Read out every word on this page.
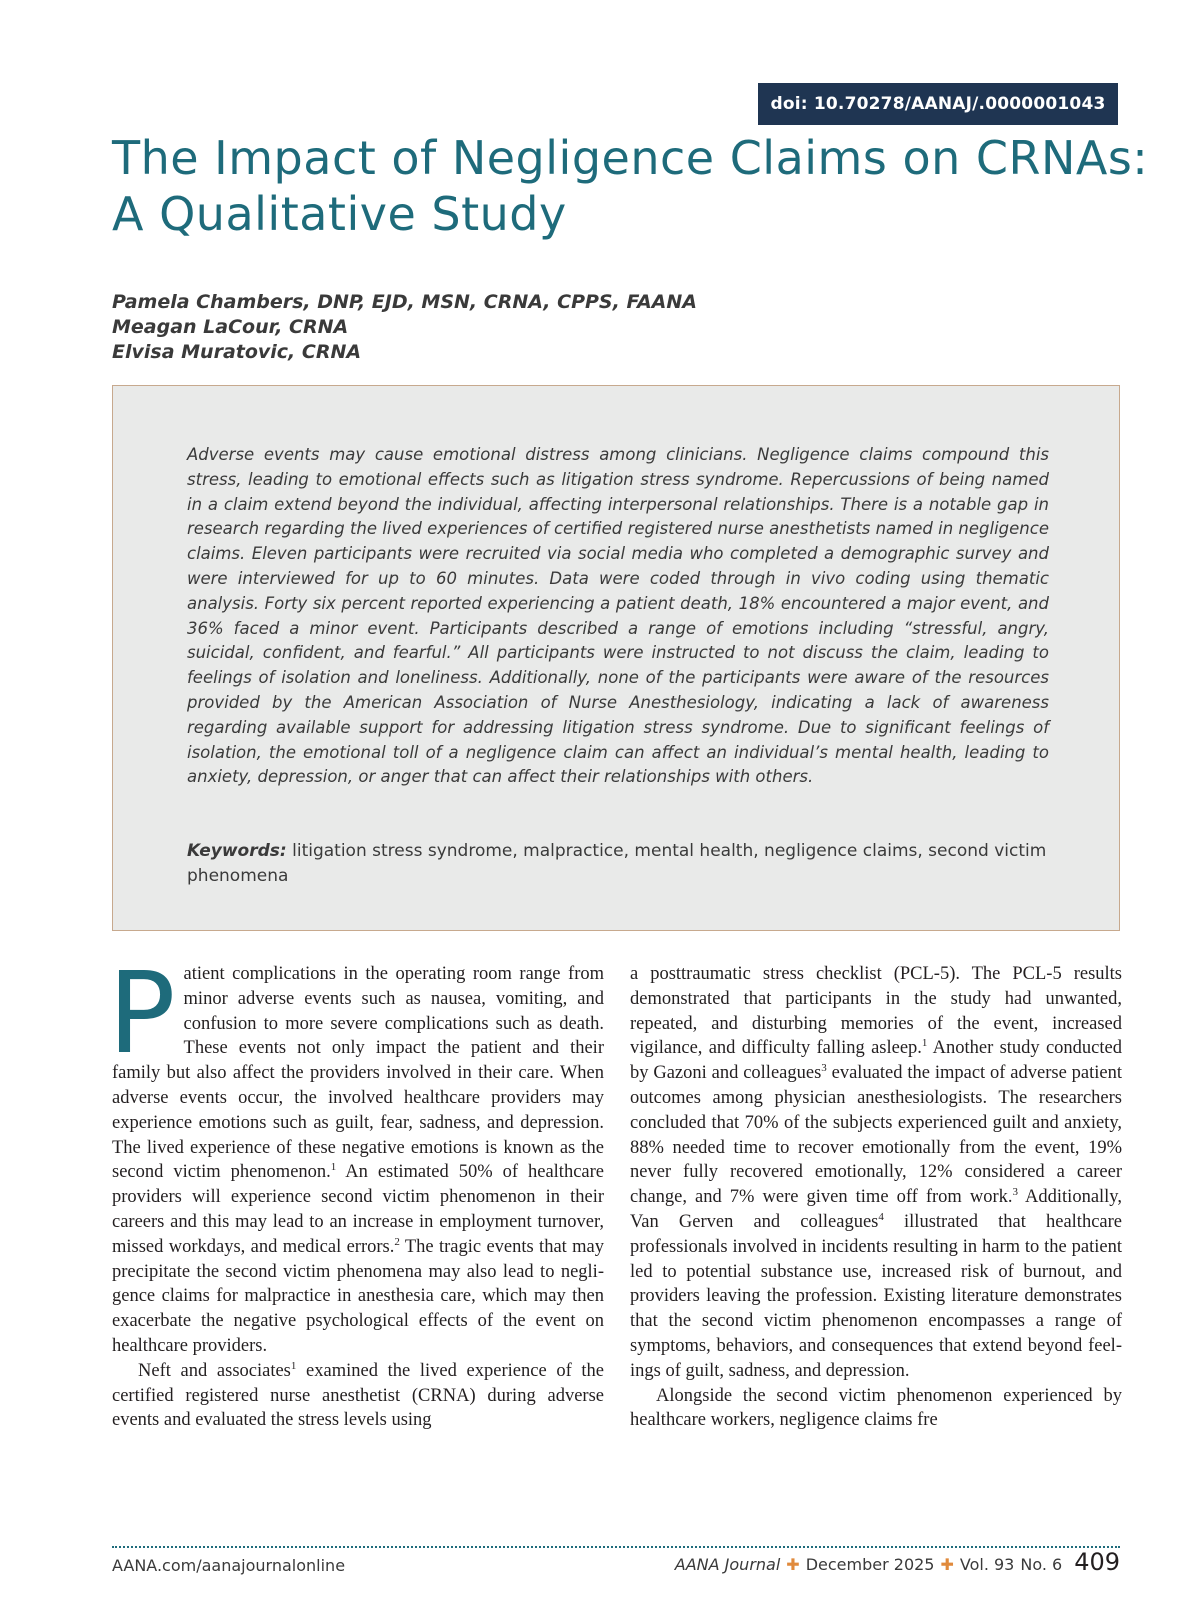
doi: 10.70278/AANAJ/.0000001043
The Impact of Negligence Claims on CRNAs:
A Qualitative Study
Pamela Chambers, DNP, EJD, MSN, CRNA, CPPS, FAANA
Meagan LaCour, CRNA
Elvisa Muratovic, CRNA

Adverse events may cause emotional distress among clinicians. Negligence claims compound this stress, leading to emotional effects such as litigation stress syndrome. Repercussions of being named in a claim extend beyond the individual, affecting interpersonal relationships. There is a notable gap in research regarding the lived experiences of certified registered nurse anesthetists named in negligence claims. Eleven participants were recruited via social media who completed a demographic survey and were interviewed for up to 60 minutes. Data were coded through in vivo coding using thematic analysis. Forty six percent reported experiencing a patient death, 18% encountered a major event, and 36% faced a minor event. Participants described a range of emotions including “stressful, angry, suicidal, confident, and fearful.” All participants were instructed to not discuss the claim, leading to feelings of isolation and loneliness. Additionally, none of the participants were aware of the resources provided by the American Association of Nurse Anesthesiology, indicating a lack of awareness regarding available support for addressing litigation stress syndrome. Due to significant feelings of isolation, the emotional toll of a negligence claim can affect an individual’s mental health, leading to anxiety, depression, or anger that can affect their relationships with others.

Keywords: litigation stress syndrome, malpractice, mental health, negligence claims, second victim phenomena

Patient complications in the operating room range from minor adverse events such as nausea, vomiting, and confusion to more severe complications such as death. These events not only impact the patient and their family but also affect the providers involved in their care. When adverse events occur, the involved healthcare providers may experience emotions such as guilt, fear, sadness, and depression. The lived experience of these negative emotions is known as the second victim phenomenon.$^1$ An estimated 50% of healthcare providers will experience second victim phenomenon in their careers and this may lead to an increase in employment turnover, missed workdays, and medical errors.$^2$ The tragic events that may precipitate the second victim phenomena may also lead to negligence claims for malpractice in anesthesia care, which may then exacerbate the negative psychological effects of the event on healthcare providers.

Neft and associates$^1$ examined the lived experience of the certified registered nurse anesthetist (CRNA) during adverse events and evaluated the stress levels using

a posttraumatic stress checklist (PCL-5). The PCL-5 results demonstrated that participants in the study had unwanted, repeated, and disturbing memories of the event, increased vigilance, and difficulty falling asleep.$^1$ Another study conducted by Gazoni and colleagues$^3$ evaluated the impact of adverse patient outcomes among physician anesthesiologists. The researchers concluded that 70% of the subjects experienced guilt and anxiety, 88% needed time to recover emotionally from the event, 19% never fully recovered emotionally, 12% considered a career change, and 7% were given time off from work.$^3$ Additionally, Van Gerven and colleagues$^4$ illustrated that healthcare professionals involved in incidents resulting in harm to the patient led to potential substance use, increased risk of burnout, and providers leaving the profession. Existing literature demonstrates that the second victim phenomenon encompasses a range of symptoms, behaviors, and consequences that extend beyond feelings of guilt, sadness, and depression.

Alongside the second victim phenomenon experienced by healthcare workers, negligence claims fre

AANA.com/aanajournalonline	AANA Journal ✚ December 2025 ✚ Vol. 93 No. 6 409
